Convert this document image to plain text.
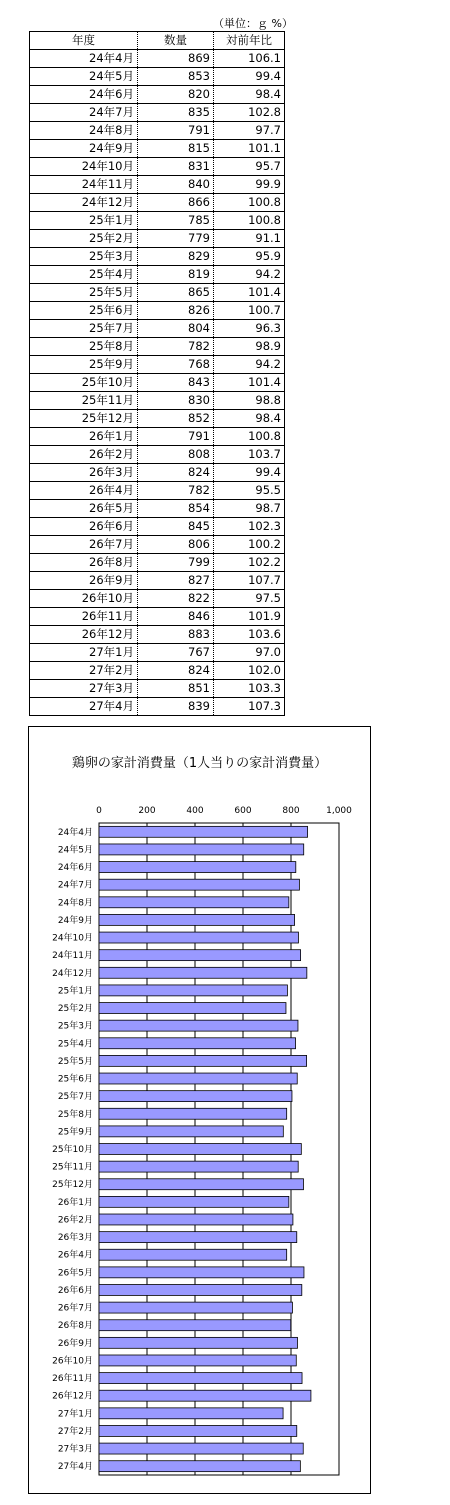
（単位：ｇ %）
年度	数量	対前年比
24年4月	869	106.1
24年5月	853	99.4
24年6月	820	98.4
24年7月	835	102.8
24年8月	791	97.7
24年9月	815	101.1
24年10月	831	95.7
24年11月	840	99.9
24年12月	866	100.8
25年1月	785	100.8
25年2月	779	91.1
25年3月	829	95.9
25年4月	819	94.2
25年5月	865	101.4
25年6月	826	100.7
25年7月	804	96.3
25年8月	782	98.9
25年9月	768	94.2
25年10月	843	101.4
25年11月	830	98.8
25年12月	852	98.4
26年1月	791	100.8
26年2月	808	103.7
26年3月	824	99.4
26年4月	782	95.5
26年5月	854	98.7
26年6月	845	102.3
26年7月	806	100.2
26年8月	799	102.2
26年9月	827	107.7
26年10月	822	97.5
26年11月	846	101.9
26年12月	883	103.6
27年1月	767	97.0
27年2月	824	102.0
27年3月	851	103.3
27年4月	839	107.3
鶏卵の家計消費量（1人当りの家計消費量）
0	200	400	600	800	1,000
24年4月
24年5月
24年6月
24年7月
24年8月
24年9月
24年10月
24年11月
24年12月
25年1月
25年2月
25年3月
25年4月
25年5月
25年6月
25年7月
25年8月
25年9月
25年10月
25年11月
25年12月
26年1月
26年2月
26年3月
26年4月
26年5月
26年6月
26年7月
26年8月
26年9月
26年10月
26年11月
26年12月
27年1月
27年2月
27年3月
27年4月
